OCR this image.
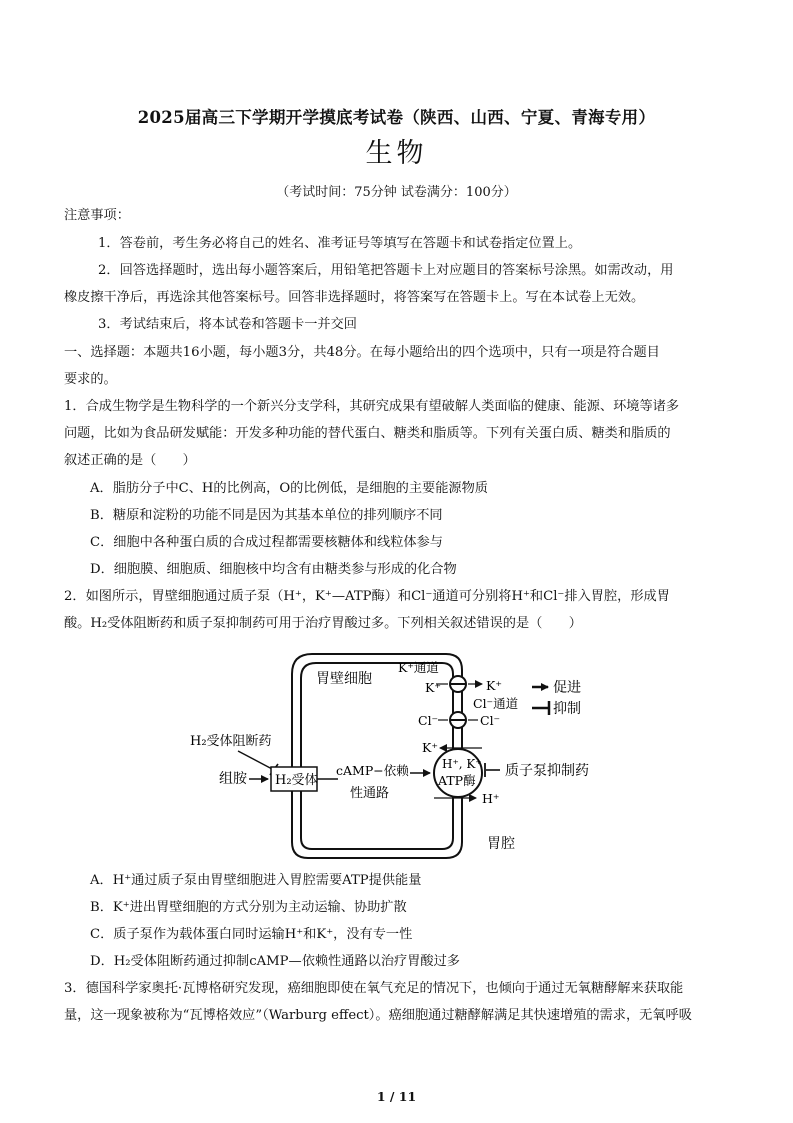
2025届高三下学期开学摸底考试卷（陕西、山西、宁夏、青海专用）
生物
（考试时间：75分钟 试卷满分：100分）
注意事项：
1．答卷前，考生务必将自己的姓名、准考证号等填写在答题卡和试卷指定位置上。
2．回答选择题时，选出每小题答案后，用铅笔把答题卡上对应题目的答案标号涂黑。如需改动，用
橡皮擦干净后，再选涂其他答案标号。回答非选择题时，将答案写在答题卡上。写在本试卷上无效。
3．考试结束后，将本试卷和答题卡一并交回
一、选择题：本题共16小题，每小题3分，共48分。在每小题给出的四个选项中，只有一项是符合题目
要求的。
1．合成生物学是生物科学的一个新兴分支学科，其研究成果有望破解人类面临的健康、能源、环境等诸多
问题，比如为食品研发赋能：开发多种功能的替代蛋白、糖类和脂质等。下列有关蛋白质、糖类和脂质的
叙述正确的是（　　）
A．脂肪分子中C、H的比例高，O的比例低，是细胞的主要能源物质
B．糖原和淀粉的功能不同是因为其基本单位的排列顺序不同
C．细胞中各种蛋白质的合成过程都需要核糖体和线粒体参与
D．细胞膜、细胞质、细胞核中均含有由糖类参与形成的化合物
2．如图所示，胃壁细胞通过质子泵（H⁺，K⁺—ATP酶）和Cl⁻通道可分别将H⁺和Cl⁻排入胃腔，形成胃
酸。H₂受体阻断药和质子泵抑制药可用于治疗胃酸过多。下列相关叙述错误的是（　　）
胃壁细胞
K⁺通道
K⁺	K⁺	促进
抑制
Cl⁻通道
Cl⁻	Cl⁻
H₂受体阻断药
组胺 H₂受体
cAMP−依赖
性通路
H⁺, K⁺
ATP酶
K⁺
H⁺
质子泵抑制药
胃腔
A．H⁺通过质子泵由胃壁细胞进入胃腔需要ATP提供能量
B．K⁺进出胃壁细胞的方式分别为主动运输、协助扩散
C．质子泵作为载体蛋白同时运输H⁺和K⁺，没有专一性
D．H₂受体阻断药通过抑制cAMP—依赖性通路以治疗胃酸过多
3．德国科学家奥托·瓦博格研究发现，癌细胞即使在氧气充足的情况下，也倾向于通过无氧糖酵解来获取能
量，这一现象被称为“瓦博格效应”（Warburg effect）。癌细胞通过糖酵解满足其快速增殖的需求，无氧呼吸
1 / 11
